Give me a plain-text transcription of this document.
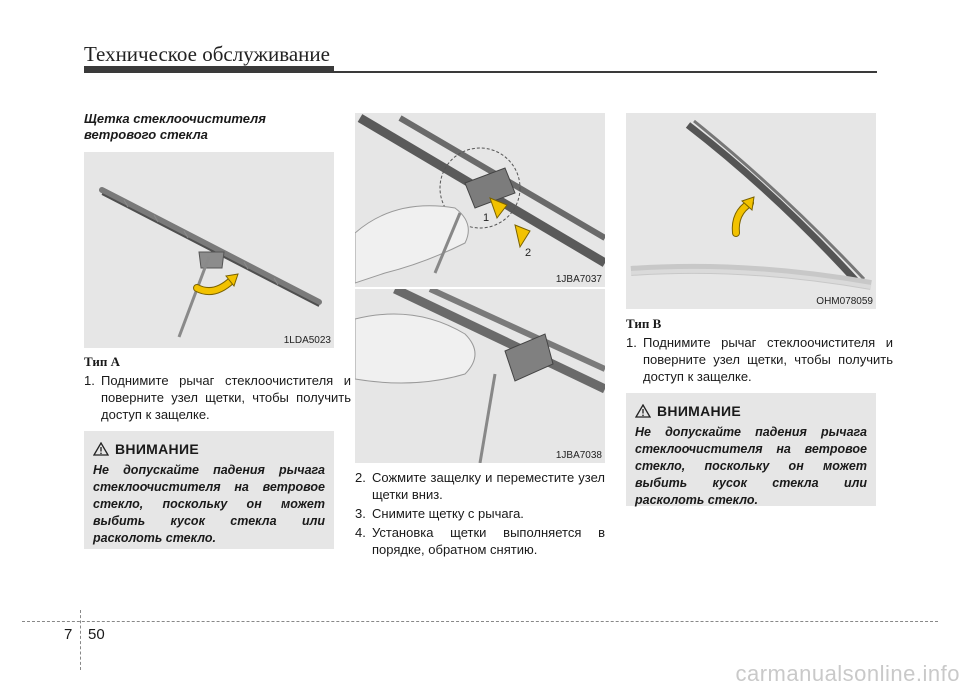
Техническое обслуживание
Щетка стеклоочистителя ветрового стекла
1LDA5023
Тип А
1. Поднимите рычаг стеклоочистителя и поверните узел щетки, чтобы получить доступ к защелке.
ВНИМАНИЕ
Не допускайте падения рычага стеклоочистителя на ветровое стекло, поскольку он может выбить кусок стекла или расколоть стекло.
1
2
1JBA7037
1JBA7038
2. Сожмите защелку и переместите узел щетки вниз.
3. Снимите щетку с рычага.
4. Установка щетки выполняется в порядке, обратном снятию.
OHM078059
Тип В
1. Поднимите рычаг стеклоочистителя и поверните узел щетки, чтобы получить доступ к защелке.
ВНИМАНИЕ
Не допускайте падения рычага стеклоочистителя на ветровое стекло, поскольку он может выбить кусок стекла или расколоть стекло.
7 50
carmanualsonline.info
